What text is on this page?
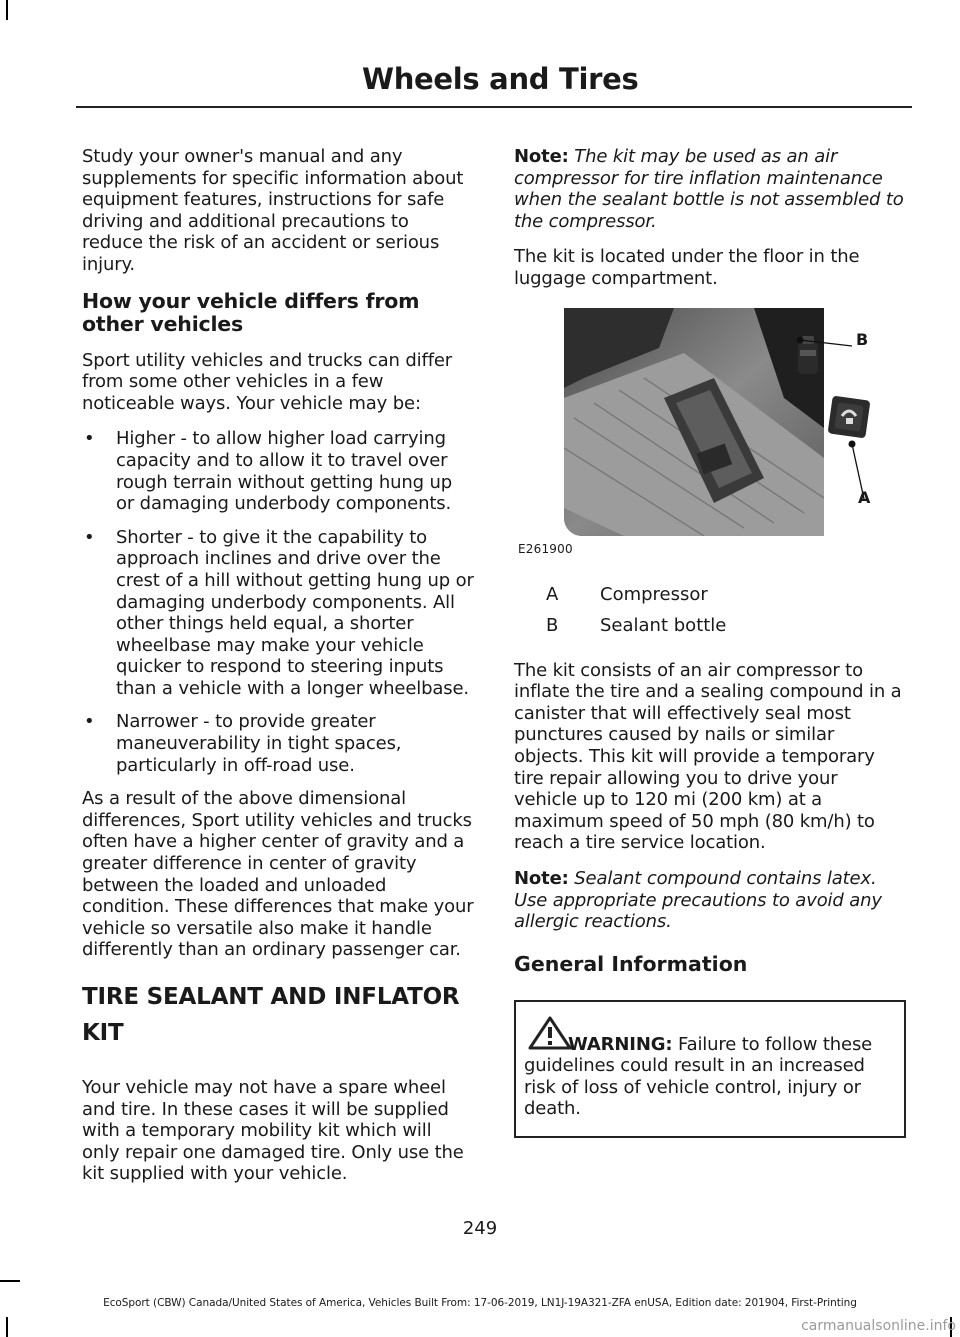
Wheels and Tires

Study your owner's manual and any supplements for specific information about equipment features, instructions for safe driving and additional precautions to reduce the risk of an accident or serious injury.

How your vehicle differs from other vehicles

Sport utility vehicles and trucks can differ from some other vehicles in a few noticeable ways. Your vehicle may be:

• Higher - to allow higher load carrying capacity and to allow it to travel over rough terrain without getting hung up or damaging underbody components.
• Shorter - to give it the capability to approach inclines and drive over the crest of a hill without getting hung up or damaging underbody components. All other things held equal, a shorter wheelbase may make your vehicle quicker to respond to steering inputs than a vehicle with a longer wheelbase.
• Narrower - to provide greater maneuverability in tight spaces, particularly in off-road use.

As a result of the above dimensional differences, Sport utility vehicles and trucks often have a higher center of gravity and a greater difference in center of gravity between the loaded and unloaded condition. These differences that make your vehicle so versatile also make it handle differently than an ordinary passenger car.

TIRE SEALANT AND INFLATOR
KIT

Your vehicle may not have a spare wheel and tire. In these cases it will be supplied with a temporary mobility kit which will only repair one damaged tire. Only use the kit supplied with your vehicle.

Note: The kit may be used as an air compressor for tire inflation maintenance when the sealant bottle is not assembled to the compressor.

The kit is located under the floor in the luggage compartment.

B
A
E261900
A	Compressor
B	Sealant bottle

The kit consists of an air compressor to inflate the tire and a sealing compound in a canister that will effectively seal most punctures caused by nails or similar objects. This kit will provide a temporary tire repair allowing you to drive your vehicle up to 120 mi (200 km) at a maximum speed of 50 mph (80 km/h) to reach a tire service location.

Note: Sealant compound contains latex. Use appropriate precautions to avoid any allergic reactions.

General Information

WARNING: Failure to follow these guidelines could result in an increased risk of loss of vehicle control, injury or death.

249
EcoSport (CBW) Canada/United States of America, Vehicles Built From: 17-06-2019, LN1J-19A321-ZFA enUSA, Edition date: 201904, First-Printing
carmanualsonline.info
